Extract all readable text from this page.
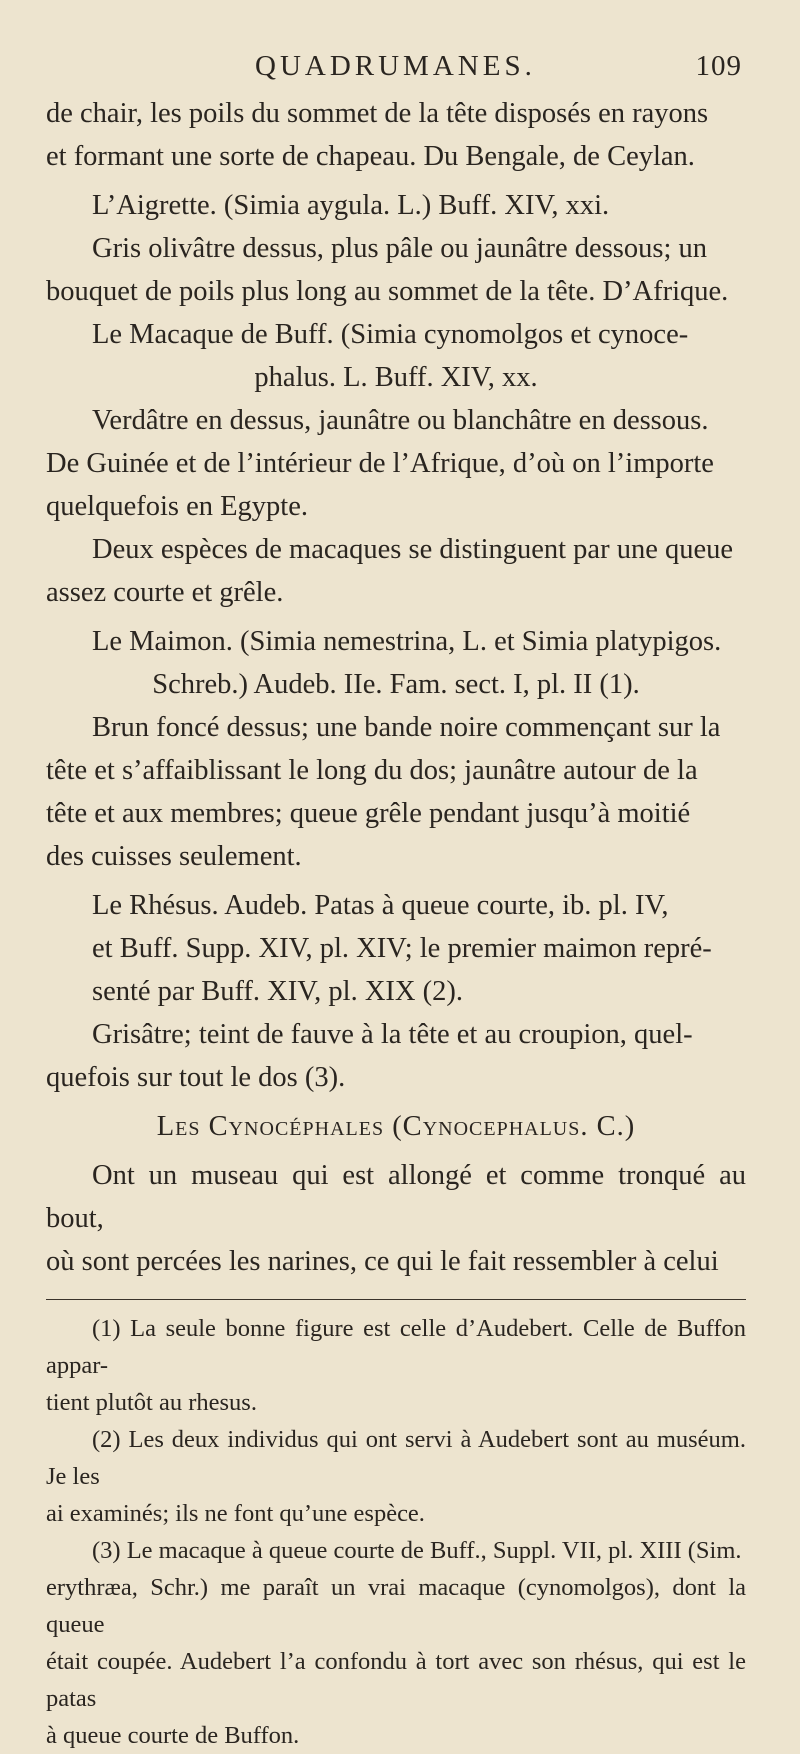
QUADRUMANES.	109

de chair, les poils du sommet de la tête disposés en rayons

et formant une sorte de chapeau. Du Bengale, de Ceylan.

L’Aigrette. (Simia aygula. L.) Buff. XIV, xxi.

Gris olivâtre dessus, plus pâle ou jaunâtre dessous; un

bouquet de poils plus long au sommet de la tête. D’Afrique.

Le Macaque de Buff. (Simia cynomolgos et cynoce-

phalus. L. Buff. XIV, xx.

Verdâtre en dessus, jaunâtre ou blanchâtre en dessous.

De Guinée et de l’intérieur de l’Afrique, d’où on l’importe

quelquefois en Egypte.

Deux espèces de macaques se distinguent par une queue

assez courte et grêle.

Le Maimon. (Simia nemestrina, L. et Simia platypigos.

Schreb.) Audeb. IIe. Fam. sect. I, pl. II (1).

Brun foncé dessus; une bande noire commençant sur la

tête et s’affaiblissant le long du dos; jaunâtre autour de la

tête et aux membres; queue grêle pendant jusqu’à moitié

des cuisses seulement.

Le Rhésus. Audeb. Patas à queue courte, ib. pl. IV,

et Buff. Supp. XIV, pl. XIV; le premier maimon repré-

senté par Buff. XIV, pl. XIX (2).

Grisâtre; teint de fauve à la tête et au croupion, quel-

quefois sur tout le dos (3).

Les Cynocéphales (Cynocephalus. C.)

Ont un museau qui est allongé et comme tronqué au bout,

où sont percées les narines, ce qui le fait ressembler à celui

(1) La seule bonne figure est celle d’Audebert. Celle de Buffon appar-

tient plutôt au rhesus.

(2) Les deux individus qui ont servi à Audebert sont au muséum. Je les

ai examinés; ils ne font qu’une espèce.

(3) Le macaque à queue courte de Buff., Suppl. VII, pl. XIII (Sim.

erythræa, Schr.) me paraît un vrai macaque (cynomolgos), dont la queue

était coupée. Audebert l’a confondu à tort avec son rhésus, qui est le patas

à queue courte de Buffon.
